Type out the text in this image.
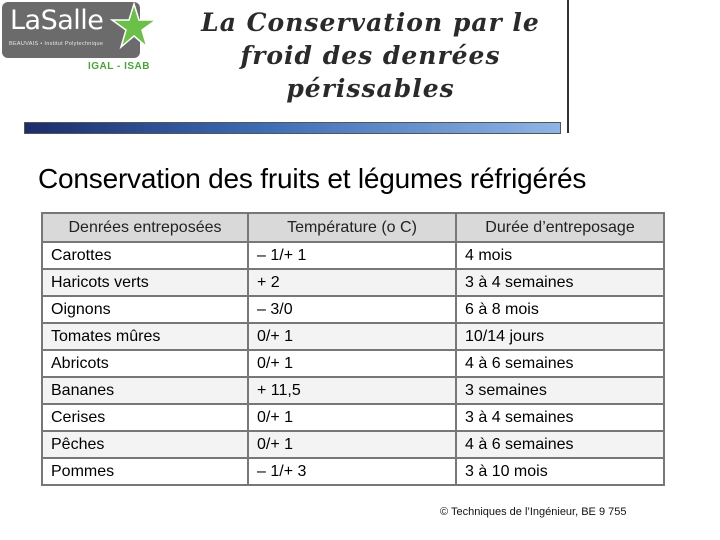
LaSalle
BEAUVAIS • Institut Polytechnique
IGAL - ISAB
La Conservation par le
froid des denrées
périssables
Conservation des fruits et légumes réfrigérés
Denrées entreposées	Température (o C)	Durée d’entreposage
Carottes	– 1/+ 1	4 mois
Haricots verts	+ 2	3 à 4 semaines
Oignons	– 3/0	6 à 8 mois
Tomates mûres	0/+ 1	10/14 jours
Abricots	0/+ 1	4 à 6 semaines
Bananes	+ 11,5	3 semaines
Cerises	0/+ 1	3 à 4 semaines
Pêches	0/+ 1	4 à 6 semaines
Pommes	– 1/+ 3	3 à 10 mois
© Techniques de l’Ingénieur, BE 9 755
